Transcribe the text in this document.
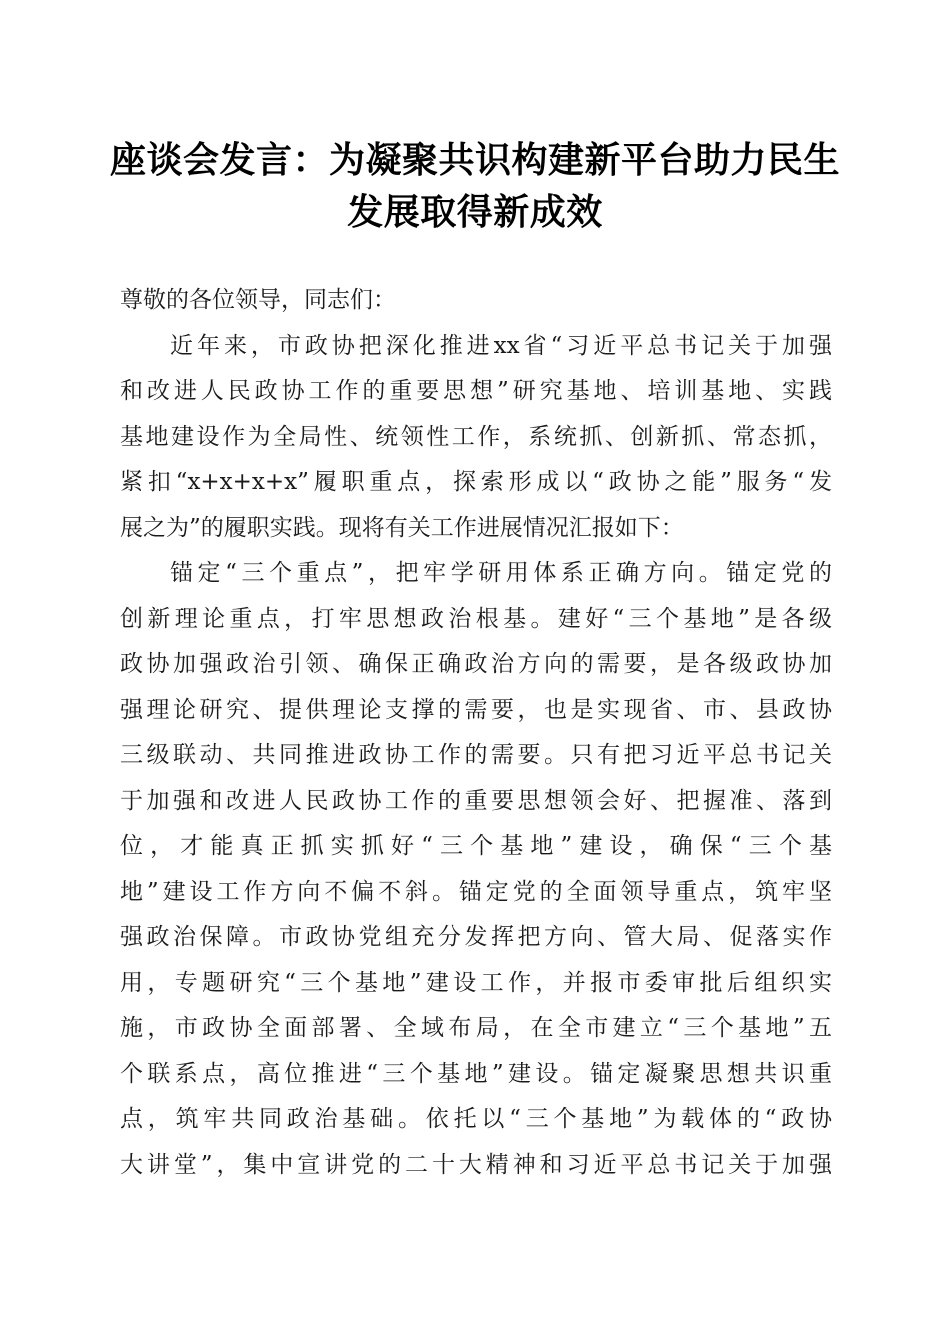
座谈会发言：为凝聚共识构建新平台助力民生
发展取得新成效
尊敬的各位领导，同志们：
近年来，市政协把深化推进xx省“习近平总书记关于加强
和改进人民政协工作的重要思想”研究基地、培训基地、实践
基地建设作为全局性、统领性工作，系统抓、创新抓、常态抓，
紧扣“x+x+x+x”履职重点，探索形成以“政协之能”服务“发
展之为”的履职实践。现将有关工作进展情况汇报如下：
锚定“三个重点”，把牢学研用体系正确方向。锚定党的
创新理论重点，打牢思想政治根基。建好“三个基地”是各级
政协加强政治引领、确保正确政治方向的需要，是各级政协加
强理论研究、提供理论支撑的需要，也是实现省、市、县政协
三级联动、共同推进政协工作的需要。只有把习近平总书记关
于加强和改进人民政协工作的重要思想领会好、把握准、落到
位，才能真正抓实抓好“三个基地”建设，确保“三个基
地”建设工作方向不偏不斜。锚定党的全面领导重点，筑牢坚
强政治保障。市政协党组充分发挥把方向、管大局、促落实作
用，专题研究“三个基地”建设工作，并报市委审批后组织实
施，市政协全面部署、全域布局，在全市建立“三个基地”五
个联系点，高位推进“三个基地”建设。锚定凝聚思想共识重
点，筑牢共同政治基础。依托以“三个基地”为载体的“政协
大讲堂”，集中宣讲党的二十大精神和习近平总书记关于加强
